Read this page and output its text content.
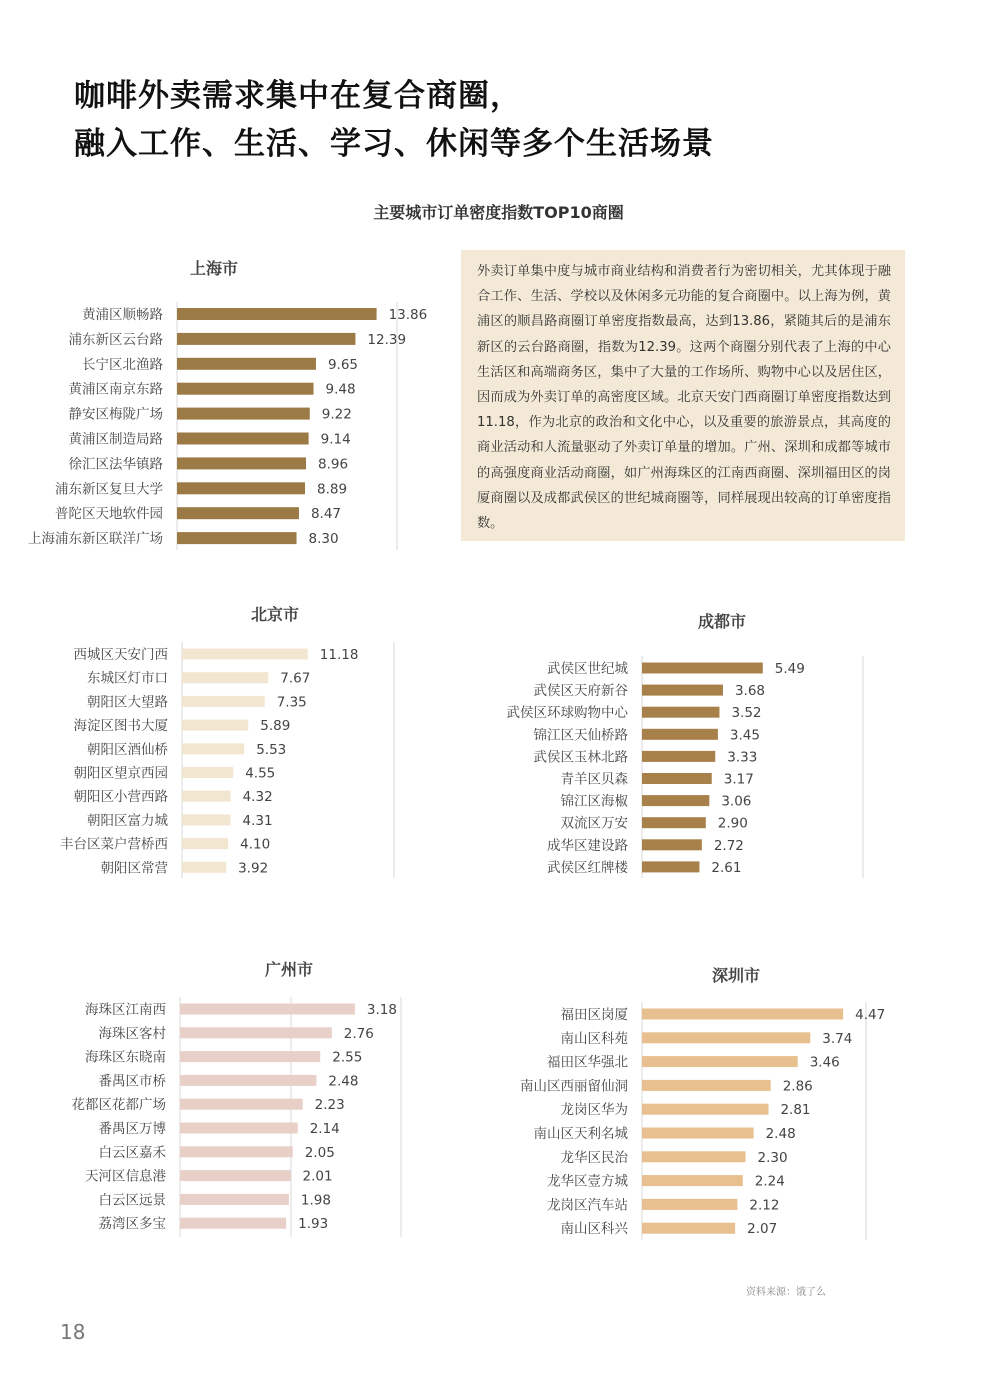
咖啡外卖需求集中在复合商圈，
融入工作、生活、学习、休闲等多个生活场景
主要城市订单密度指数TOP10商圈
上海市
北京市	成都市
广州市	深圳市
黄浦区顺畅路	13.86
浦东新区云台路	12.39
长宁区北渔路	9.65
黄浦区南京东路	9.48
静安区梅陇广场	9.22
黄浦区制造局路	9.14
徐汇区法华镇路	8.96
浦东新区复旦大学	8.89
普陀区天地软件园	8.47
上海浦东新区联洋广场	8.30
西城区天安门西	11.18
东城区灯市口	7.67
朝阳区大望路	7.35
海淀区图书大厦	5.89
朝阳区酒仙桥	5.53
朝阳区望京西园	4.55
朝阳区小营西路	4.32
朝阳区富力城	4.31
丰台区菜户营桥西	4.10
朝阳区常营	3.92
武侯区世纪城	5.49
武侯区天府新谷	3.68
武侯区环球购物中心	3.52
锦江区天仙桥路	3.45
武侯区玉林北路	3.33
青羊区贝森	3.17
锦江区海椒	3.06
双流区万安	2.90
成华区建设路	2.72
武侯区红牌楼	2.61
海珠区江南西	3.18
海珠区客村	2.76
海珠区东晓南	2.55
番禺区市桥	2.48
花都区花都广场	2.23
番禺区万博	2.14
白云区嘉禾	2.05
天河区信息港	2.01
白云区远景	1.98
荔湾区多宝	1.93
福田区岗厦	4.47
南山区科苑	3.74
福田区华强北	3.46
南山区西丽留仙洞	2.86
龙岗区华为	2.81
南山区天利名城	2.48
龙华区民治	2.30
龙华区壹方城	2.24
龙岗区汽车站	2.12
南山区科兴	2.07
外卖订单集中度与城市商业结构和消费者行为密切相关，尤其体现于融合工作、生活、学校以及休闲多元功能的复合商圈中。以上海为例，黄浦区的顺昌路商圈订单密度指数最高，达到13.86，紧随其后的是浦东新区的云台路商圈，指数为12.39。这两个商圈分别代表了上海的中心生活区和高端商务区，集中了大量的工作场所、购物中心以及居住区，因而成为外卖订单的高密度区域。北京天安门西商圈订单密度指数达到11.18，作为北京的政治和文化中心，以及重要的旅游景点，其高度的商业活动和人流量驱动了外卖订单量的增加。广州、深圳和成都等城市的高强度商业活动商圈，如广州海珠区的江南西商圈、深圳福田区的岗厦商圈以及成都武侯区的世纪城商圈等，同样展现出较高的订单密度指数。
资料来源：饿了么
18
